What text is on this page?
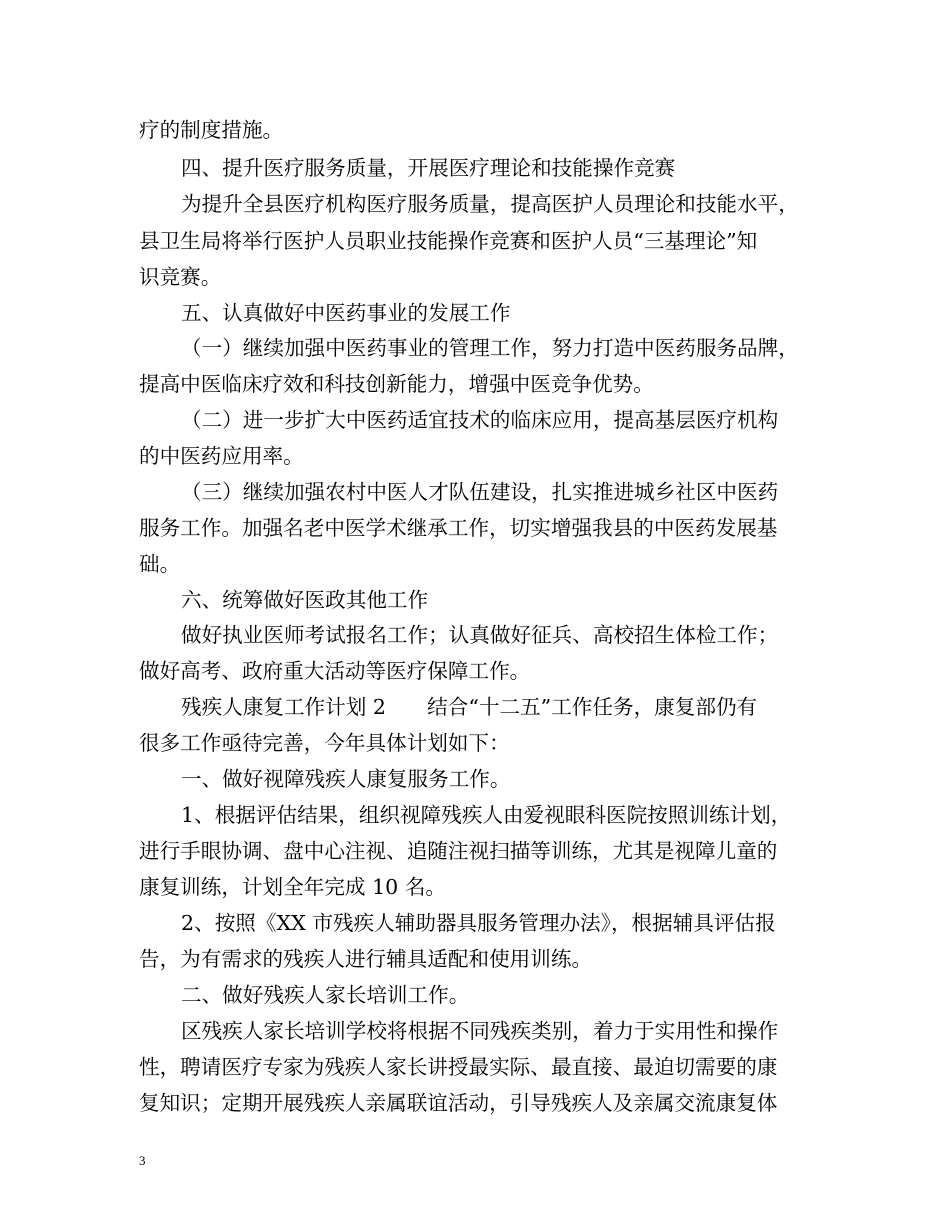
疗的制度措施。
四、提升医疗服务质量，开展医疗理论和技能操作竞赛
为提升全县医疗机构医疗服务质量，提高医护人员理论和技能水平，
县卫生局将举行医护人员职业技能操作竞赛和医护人员“三基理论”知
识竞赛。
五、认真做好中医药事业的发展工作
（一）继续加强中医药事业的管理工作，努力打造中医药服务品牌，
提高中医临床疗效和科技创新能力，增强中医竞争优势。
（二）进一步扩大中医药适宜技术的临床应用，提高基层医疗机构
的中医药应用率。
（三）继续加强农村中医人才队伍建设，扎实推进城乡社区中医药
服务工作。加强名老中医学术继承工作，切实增强我县的中医药发展基
础。
六、统筹做好医政其他工作
做好执业医师考试报名工作；认真做好征兵、高校招生体检工作；
做好高考、政府重大活动等医疗保障工作。
残疾人康复工作计划 2　　结合“十二五”工作任务，康复部仍有
很多工作亟待完善，今年具体计划如下：
一、做好视障残疾人康复服务工作。
1、根据评估结果，组织视障残疾人由爱视眼科医院按照训练计划，
进行手眼协调、盘中心注视、追随注视扫描等训练，尤其是视障儿童的
康复训练，计划全年完成 10 名。
2、按照《XX 市残疾人辅助器具服务管理办法》，根据辅具评估报
告，为有需求的残疾人进行辅具适配和使用训练。
二、做好残疾人家长培训工作。
区残疾人家长培训学校将根据不同残疾类别，着力于实用性和操作
性，聘请医疗专家为残疾人家长讲授最实际、最直接、最迫切需要的康
复知识；定期开展残疾人亲属联谊活动，引导残疾人及亲属交流康复体
3
